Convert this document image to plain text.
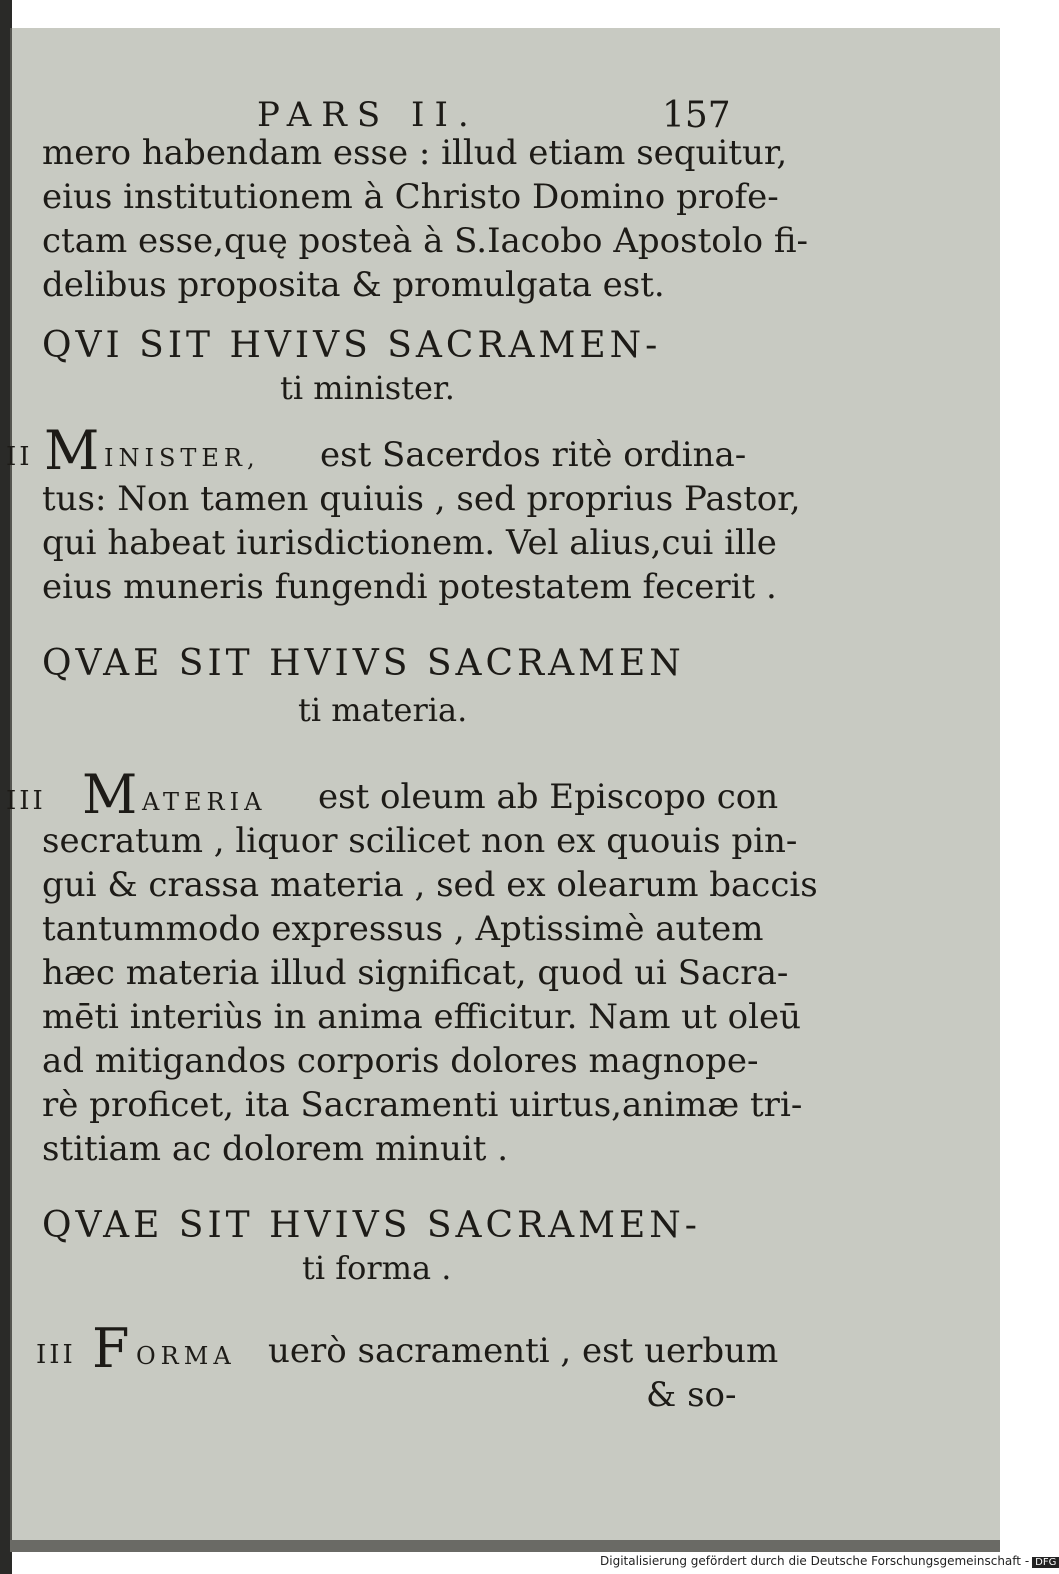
PARS II.	157
mero habendam esse : illud etiam sequitur,
eius institutionem à Christo Domino profe-
ctam esse,quę posteà à S.Iacobo Apostolo fi-
delibus proposita & promulgata est.
QVI SIT HVIVS SACRAMEN-
ti minister.
II M INISTER, est Sacerdos ritè ordina-
tus: Non tamen quiuis , sed proprius Pastor,
qui habeat iurisdictionem. Vel alius,cui ille
eius muneris fungendi potestatem fecerit .
QVAE SIT HVIVS SACRAMEN
ti materia.
III M ATERIA est oleum ab Episcopo con
secratum , liquor scilicet non ex quouis pin-
gui & crassa materia , sed ex olearum baccis
tantummodo expressus , Aptissimè autem
hæc materia illud significat, quod ui Sacra-
mēti interiùs in anima efficitur. Nam ut oleū
ad mitigandos corporis dolores magnope-
rè proficet, ita Sacramenti uirtus,animæ tri-
stitiam ac dolorem minuit .
QVAE SIT HVIVS SACRAMEN-
ti forma .
III F ORMA uerò sacramenti , est uerbum
& so-
Digitalisierung gefördert durch die Deutsche Forschungsgemeinschaft - DFG
